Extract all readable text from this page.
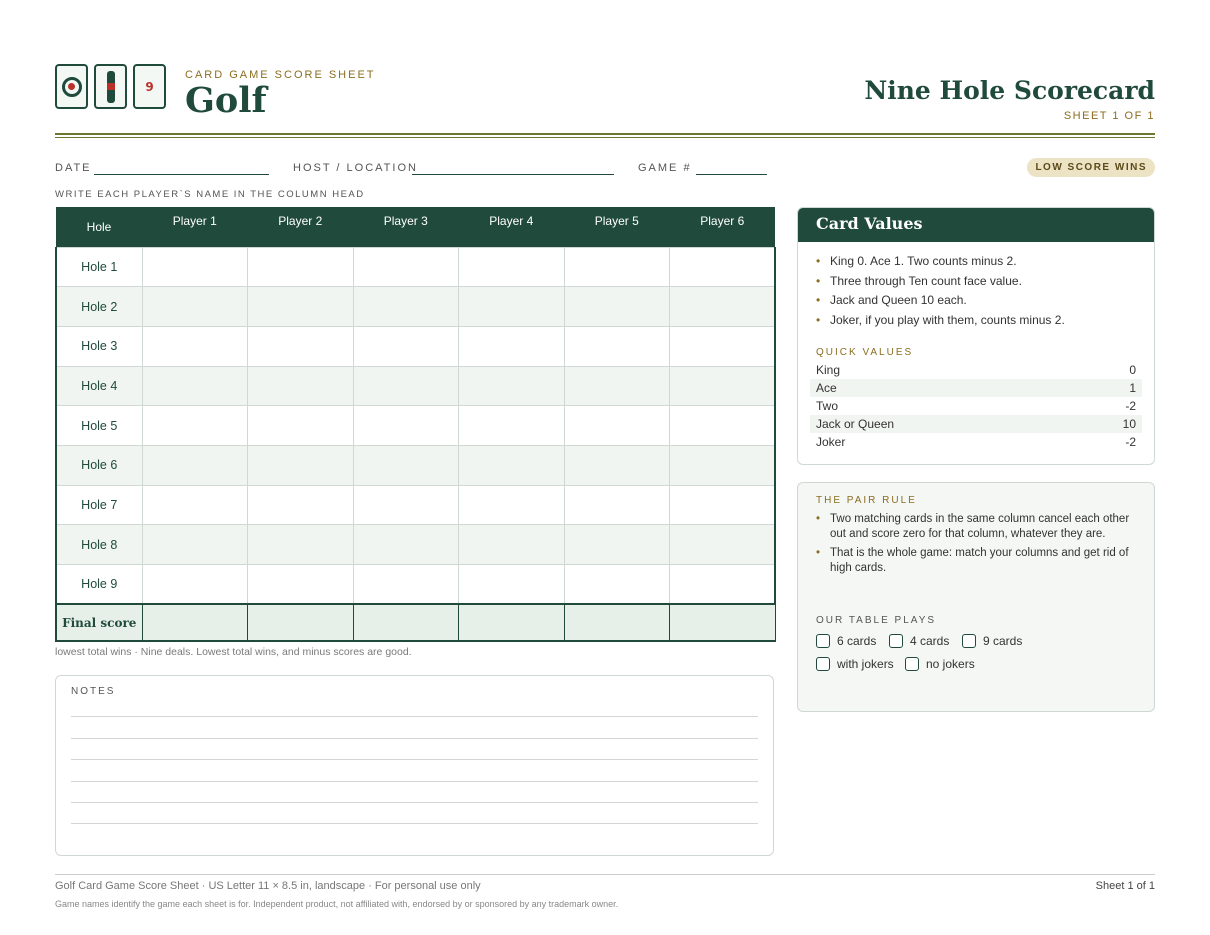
9
CARD GAME SCORE SHEET
Golf	Nine Hole Scorecard
SHEET 1 OF 1
DATE	HOST / LOCATION	GAME #	LOW SCORE WINS
WRITE EACH PLAYER`S NAME IN THE COLUMN HEAD
Hole	Player 1	Player 2	Player 3	Player 4	Player 5	Player 6
Hole 1						
Hole 2						
Hole 3						
Hole 4						
Hole 5						
Hole 6						
Hole 7						
Hole 8						
Hole 9						
Final score						
lowest total wins · Nine deals. Lowest total wins, and minus scores are good.
NOTES
Card Values
• King 0. Ace 1. Two counts minus 2.
• Three through Ten count face value.
• Jack and Queen 10 each.
• Joker, if you play with them, counts minus 2.
QUICK VALUES
King	0
Ace	1
Two	-2
Jack or Queen	10
Joker	-2
THE PAIR RULE
• Two matching cards in the same column cancel each other out and score zero for that column, whatever they are.
• That is the whole game: match your columns and get rid of high cards.
OUR TABLE PLAYS
6 cards	4 cards	9 cards
with jokers	no jokers
Golf Card Game Score Sheet · US Letter 11 × 8.5 in, landscape · For personal use only	Sheet 1 of 1
Game names identify the game each sheet is for. Independent product, not affiliated with, endorsed by or sponsored by any trademark owner.
